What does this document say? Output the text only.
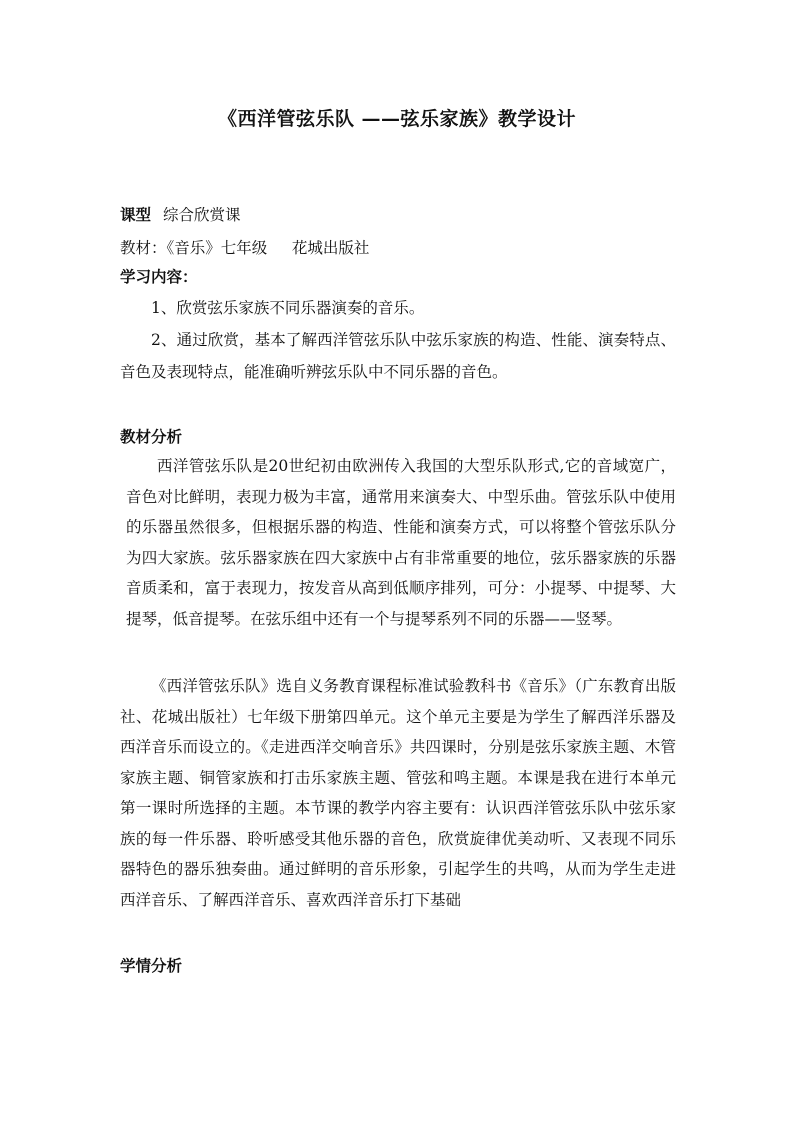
《西洋管弦乐队 ——弦乐家族》教学设计
课型 综合欣赏课
教材：《音乐》七年级     花城出版社
学习内容：
1、欣赏弦乐家族不同乐器演奏的音乐。
2、通过欣赏，基本了解西洋管弦乐队中弦乐家族的构造、性能、演奏特点、音色及表现特点，能准确听辨弦乐队中不同乐器的音色。
教材分析
西洋管弦乐队是20世纪初由欧洲传入我国的大型乐队形式,它的音域宽广，音色对比鲜明，表现力极为丰富，通常用来演奏大、中型乐曲。管弦乐队中使用的乐器虽然很多，但根据乐器的构造、性能和演奏方式，可以将整个管弦乐队分为四大家族。弦乐器家族在四大家族中占有非常重要的地位，弦乐器家族的乐器音质柔和，富于表现力，按发音从高到低顺序排列，可分：小提琴、中提琴、大提琴，低音提琴。在弦乐组中还有一个与提琴系列不同的乐器——竖琴。
《西洋管弦乐队》选自义务教育课程标准试验教科书《音乐》（广东教育出版社、花城出版社）七年级下册第四单元。这个单元主要是为学生了解西洋乐器及西洋音乐而设立的。《走进西洋交响音乐》共四课时，分别是弦乐家族主题、木管家族主题、铜管家族和打击乐家族主题、管弦和鸣主题。本课是我在进行本单元第一课时所选择的主题。本节课的教学内容主要有：认识西洋管弦乐队中弦乐家族的每一件乐器、聆听感受其他乐器的音色，欣赏旋律优美动听、又表现不同乐器特色的器乐独奏曲。通过鲜明的音乐形象，引起学生的共鸣，从而为学生走进西洋音乐、了解西洋音乐、喜欢西洋音乐打下基础
学情分析
